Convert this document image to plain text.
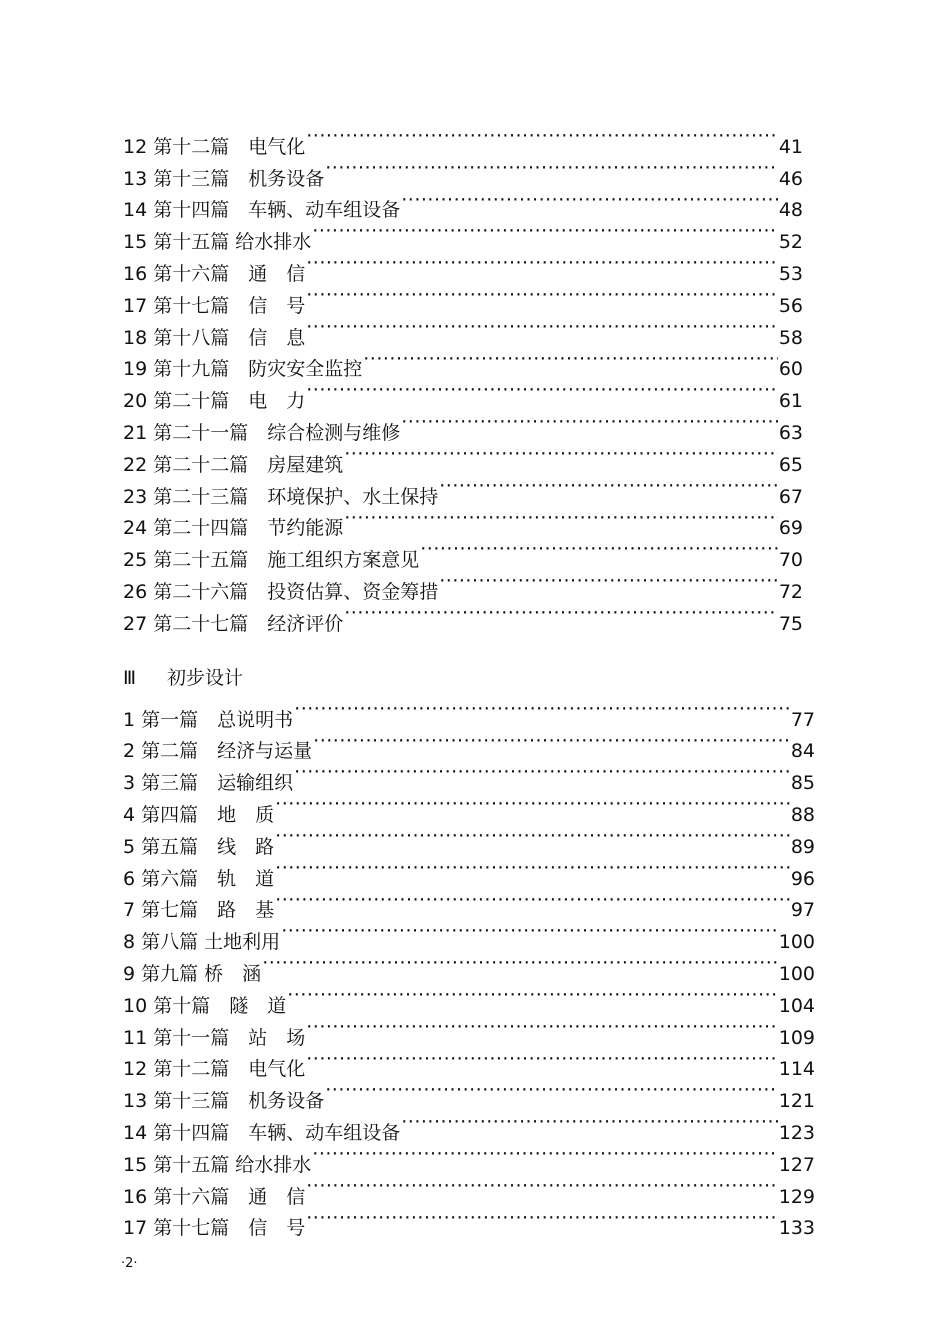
12 第十二篇　电气化 ·····	41
13 第十三篇　机务设备 ·····	46
14 第十四篇　车辆、动车组设备 ·····	48
15 第十五篇 给水排水 ·····	52
16 第十六篇　通　信 ·····	53
17 第十七篇　信　号 ·····	56
18 第十八篇　信　息 ·····	58
19 第十九篇　防灾安全监控 ·····	60
20 第二十篇　电　力 ·····	61
21 第二十一篇　综合检测与维修 ·····	63
22 第二十二篇　房屋建筑 ·····	65
23 第二十三篇　环境保护、水土保持 ·····	67
24 第二十四篇　节约能源 ·····	69
25 第二十五篇　施工组织方案意见 ·····	70
26 第二十六篇　投资估算、资金筹措 ·····	72
27 第二十七篇　经济评价 ·····	75
Ⅲ	初步设计
1 第一篇　总说明书 ·····	77
2 第二篇　经济与运量 ·····	84
3 第三篇　运输组织 ·····	85
4 第四篇　地　质 ·····	88
5 第五篇　线　路 ·····	89
6 第六篇　轨　道 ·····	96
7 第七篇　路　基 ·····	97
8 第八篇 土地利用 ·····	100
9 第九篇 桥　涵 ·····	100
10 第十篇　隧　道 ·····	104
11 第十一篇　站　场 ·····	109
12 第十二篇　电气化 ·····	114
13 第十三篇　机务设备 ·····	121
14 第十四篇　车辆、动车组设备 ·····	123
15 第十五篇 给水排水 ·····	127
16 第十六篇　通　信 ·····	129
17 第十七篇　信　号 ·····	133
·2·
